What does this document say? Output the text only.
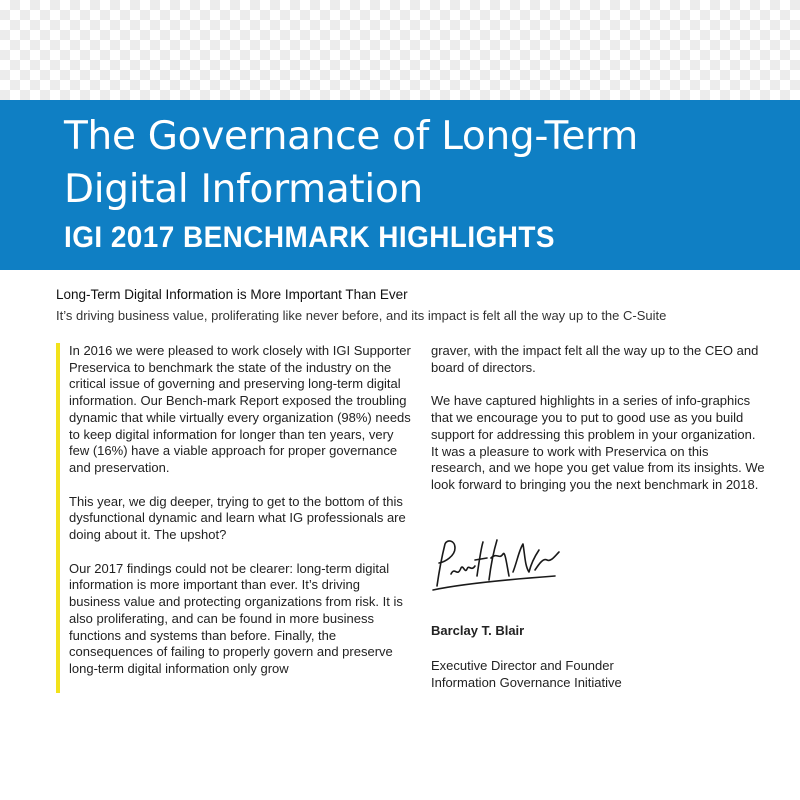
The Governance of Long-Term
Digital Information
IGI 2017 BENCHMARK HIGHLIGHTS
Long-Term Digital Information is More Important Than Ever

It’s driving business value, proliferating like never before, and its impact is felt all the way up to the C-Suite

In 2016 we were pleased to work closely with IGI Supporter Preservica to benchmark the state of the industry on the critical issue of governing and preserving long-term digital information. Our Bench-mark Report exposed the troubling dynamic that while virtually every organization (98%) needs to keep digital information for longer than ten years, very few (16%) have a viable approach for proper governance and preservation.

This year, we dig deeper, trying to get to the bottom of this dysfunctional dynamic and learn what IG professionals are doing about it. The upshot?

Our 2017 findings could not be clearer: long-term digital information is more important than ever. It’s driving business value and protecting organizations from risk. It is also proliferating, and can be found in more business functions and systems than before. Finally, the consequences of failing to properly govern and preserve long-term digital information only grow

graver, with the impact felt all the way up to the CEO and board of directors.

We have captured highlights in a series of info-graphics that we encourage you to put to good use as you build support for addressing this problem in your organization. It was a pleasure to work with Preservica on this research, and we hope you get value from its insights. We look forward to bringing you the next benchmark in 2018.

Barclay T. Blair
Executive Director and Founder
Information Governance Initiative
